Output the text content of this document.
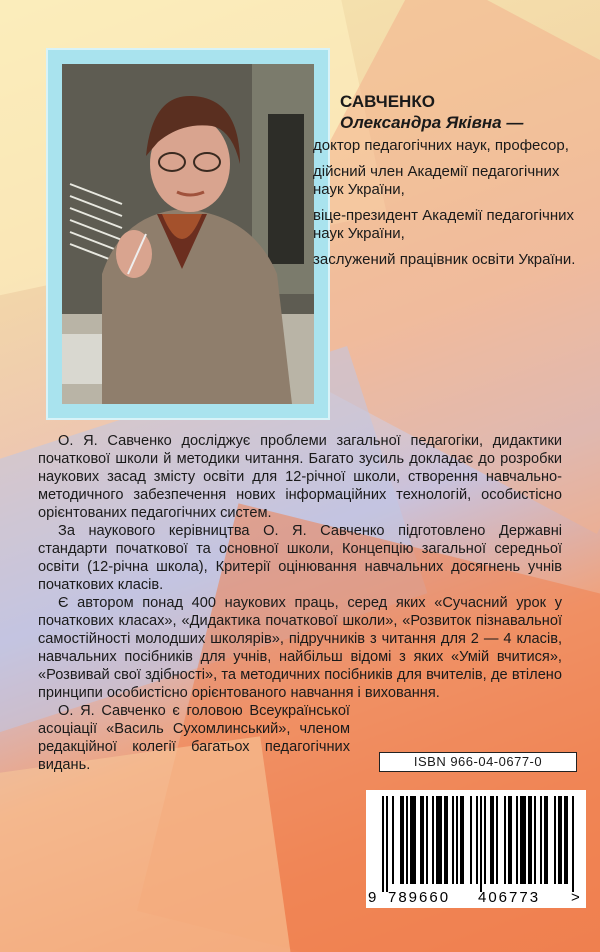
САВЧЕНКО
Олександра Яківна —
доктор педагогічних наук, професор,
дійсний член Академії педагогічних наук України,
віце-президент Академії педагогічних наук України,
заслужений працівник освіти України.

О. Я. Савченко досліджує проблеми загальної педагогіки, дидактики початкової школи й методики читання. Багато зусиль докладає до розробки наукових засад змісту освіти для 12-річної школи, створення навчально-методичного забезпечення нових інформаційних технологій, особистісно орієнтованих педагогічних систем.

За наукового керівництва О. Я. Савченко підготовлено Державні стандарти початкової та основної школи, Концепцію загальної середньої освіти (12-річна школа), Критерії оцінювання навчальних досягнень учнів початкових класів.

Є автором понад 400 наукових праць, серед яких «Сучасний урок у початкових класах», «Дидактика початкової школи», «Розвиток пізнавальної самостійності молодших школярів», підручників з читання для 2 — 4 класів, навчальних посібників для учнів, найбільш відомі з яких «Умій вчитися», «Розвивай свої здібності», та методичних посібників для вчителів, де втілено принципи особистісно орієнтованого навчання і виховання.

О. Я. Савченко є головою Всеукраїнської асоціації «Василь Сухомлинський», членом редакційної колегії багатьох педагогічних видань.	ISBN 966-04-0677-0
9 789660 406773 >
